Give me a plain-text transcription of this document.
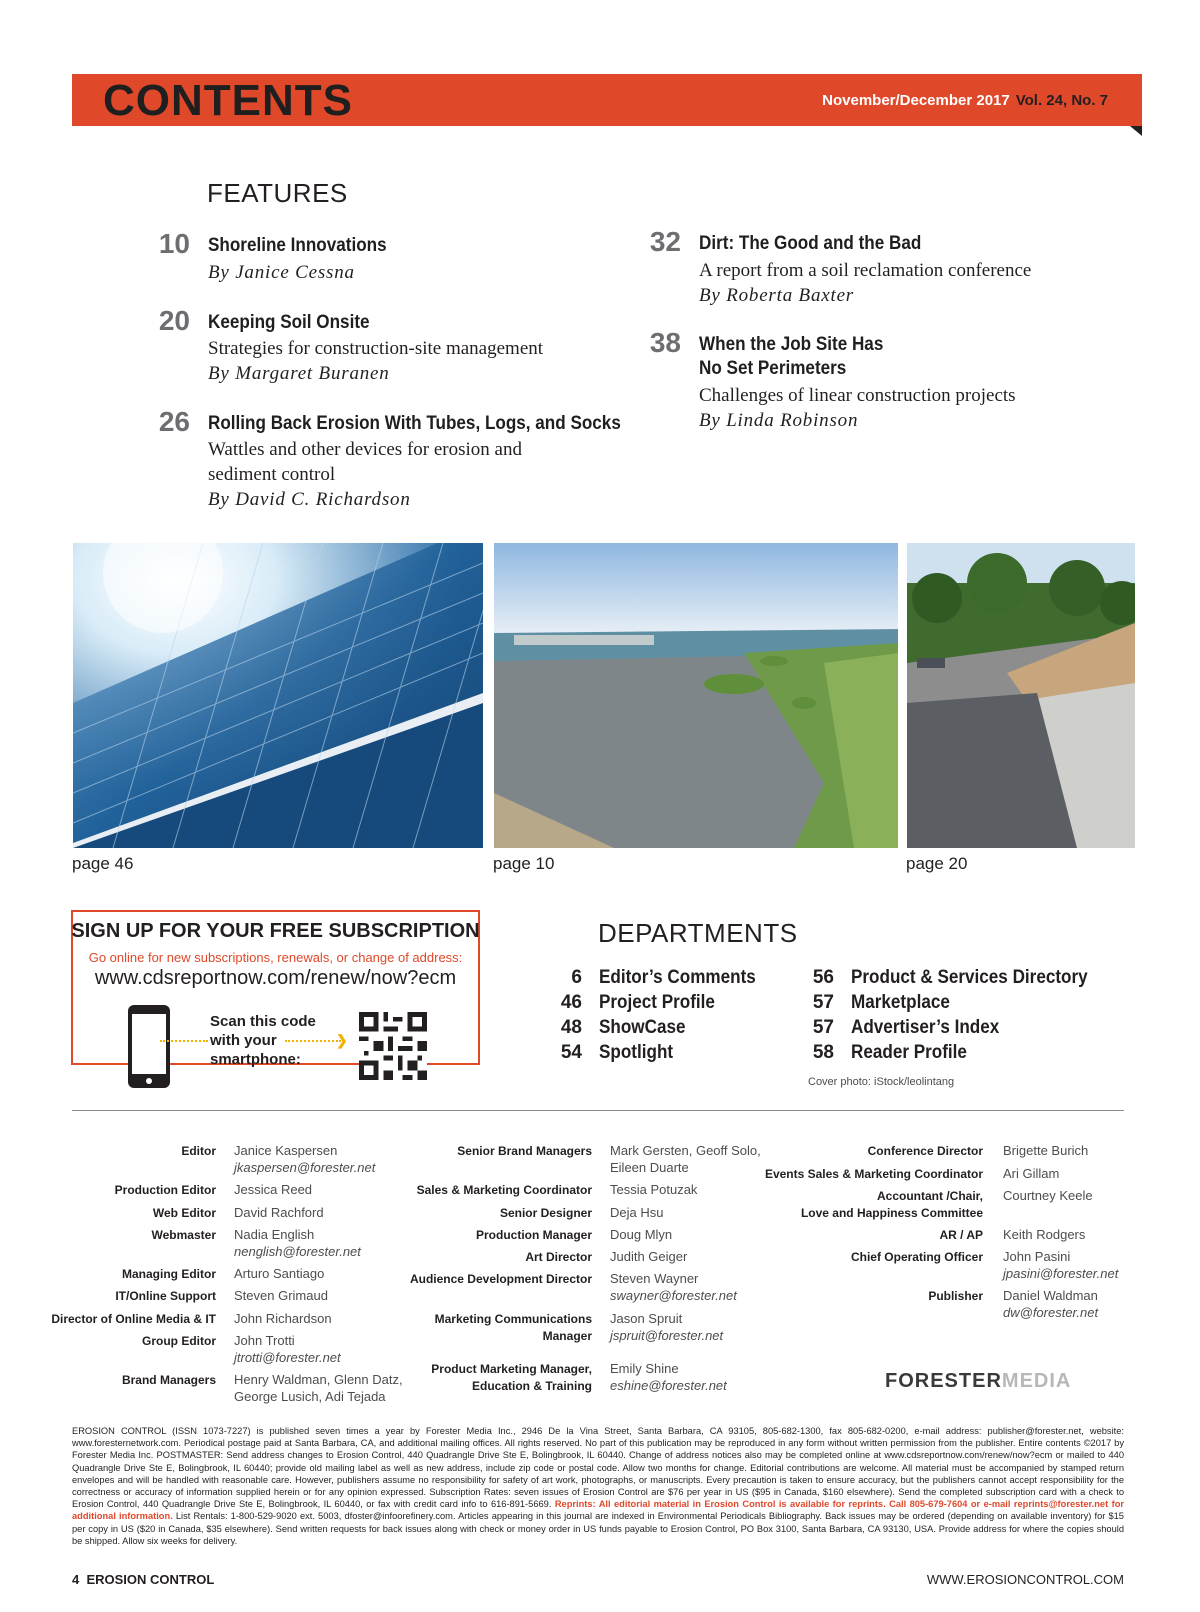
CONTENTS	November/December 2017 Vol. 24, No. 7
FEATURES
10 Shoreline Innovations
By Janice Cessna
20 Keeping Soil Onsite
Strategies for construction-site management
By Margaret Buranen
26 Rolling Back Erosion With Tubes, Logs, and Socks
Wattles and other devices for erosion and
sediment control
By David C. Richardson
32 Dirt: The Good and the Bad
A report from a soil reclamation conference
By Roberta Baxter
38 When the Job Site Has
No Set Perimeters
Challenges of linear construction projects
By Linda Robinson
page 46	page 10	page 20
SIGN UP FOR YOUR FREE SUBSCRIPTION
Go online for new subscriptions, renewals, or change of address:
www.cdsreportnow.com/renew/now?ecm
Scan this code
with your
smartphone:
❯
DEPARTMENTS
6 Editor’s Comments
46 Project Profile
48 ShowCase
54 Spotlight
56 Product & Services Directory
57 Marketplace
57 Advertiser’s Index
58 Reader Profile
Cover photo: iStock/leolintang
Editor Janice Kaspersen
jkaspersen@forester.net
Production Editor Jessica Reed
Web Editor David Rachford
Webmaster Nadia English
nenglish@forester.net
Managing Editor Arturo Santiago
IT/Online Support Steven Grimaud
Director of Online Media & IT John Richardson
Group Editor John Trotti
jtrotti@forester.net
Brand Managers Henry Waldman, Glenn Datz,
George Lusich, Adi Tejada
Senior Brand Managers Mark Gersten, Geoff Solo,
Eileen Duarte
Sales & Marketing Coordinator Tessia Potuzak
Senior Designer Deja Hsu
Production Manager Doug Mlyn
Art Director Judith Geiger
Audience Development Director Steven Wayner
swayner@forester.net
Marketing Communications
Manager
Jason Spruit
jspruit@forester.net
Product Marketing Manager,
Education & Training
Emily Shine
eshine@forester.net
Conference Director Brigette Burich
Events Sales & Marketing Coordinator Ari Gillam
Accountant /Chair,
Love and Happiness Committee
Courtney Keele
AR / AP Keith Rodgers
Chief Operating Officer John Pasini
jpasini@forester.net
Publisher Daniel Waldman
dw@forester.net
FORESTERMEDIA
EROSION CONTROL (ISSN 1073-7227) is published seven times a year by Forester Media Inc., 2946 De la Vina Street, Santa Barbara, CA 93105, 805-682-1300, fax 805-682-0200, e-mail address: publisher@forester.net, website: www.foresternetwork.com. Periodical postage paid at Santa Barbara, CA, and additional mailing offices. All rights reserved. No part of this publication may be reproduced in any form without written permission from the publisher. Entire contents ©2017 by Forester Media Inc. POSTMASTER: Send address changes to Erosion Control, 440 Quadrangle Drive Ste E, Bolingbrook, IL 60440. Change of address notices also may be completed online at www.cdsreportnow.com/renew/now?ecm or mailed to 440 Quadrangle Drive Ste E, Bolingbrook, IL 60440; provide old mailing label as well as new address, include zip code or postal code. Allow two months for change. Editorial contributions are welcome. All material must be accompanied by stamped return envelopes and will be handled with reasonable care. However, publishers assume no responsibility for safety of art work, photographs, or manuscripts. Every precaution is taken to ensure accuracy, but the publishers cannot accept responsibility for the correctness or accuracy of information supplied herein or for any opinion expressed. Subscription Rates: seven issues of Erosion Control are $76 per year in US ($95 in Canada, $160 elsewhere). Send the completed subscription card with a check to Erosion Control, 440 Quadrangle Drive Ste E, Bolingbrook, IL 60440, or fax with credit card info to 616-891-5669. Reprints: All editorial material in Erosion Control is available for reprints. Call 805-679-7604 or e-mail reprints@forester.net for additional information. List Rentals: 1-800-529-9020 ext. 5003, dfoster@infoorefinery.com. Articles appearing in this journal are indexed in Environmental Periodicals Bibliography. Back issues may be ordered (depending on available inventory) for $15 per copy in US ($20 in Canada, $35 elsewhere). Send written requests for back issues along with check or money order in US funds payable to Erosion Control, PO Box 3100, Santa Barbara, CA 93130, USA. Provide address for where the copies should be shipped. Allow six weeks for delivery.
4 EROSION CONTROL	WWW.EROSIONCONTROL.COM
